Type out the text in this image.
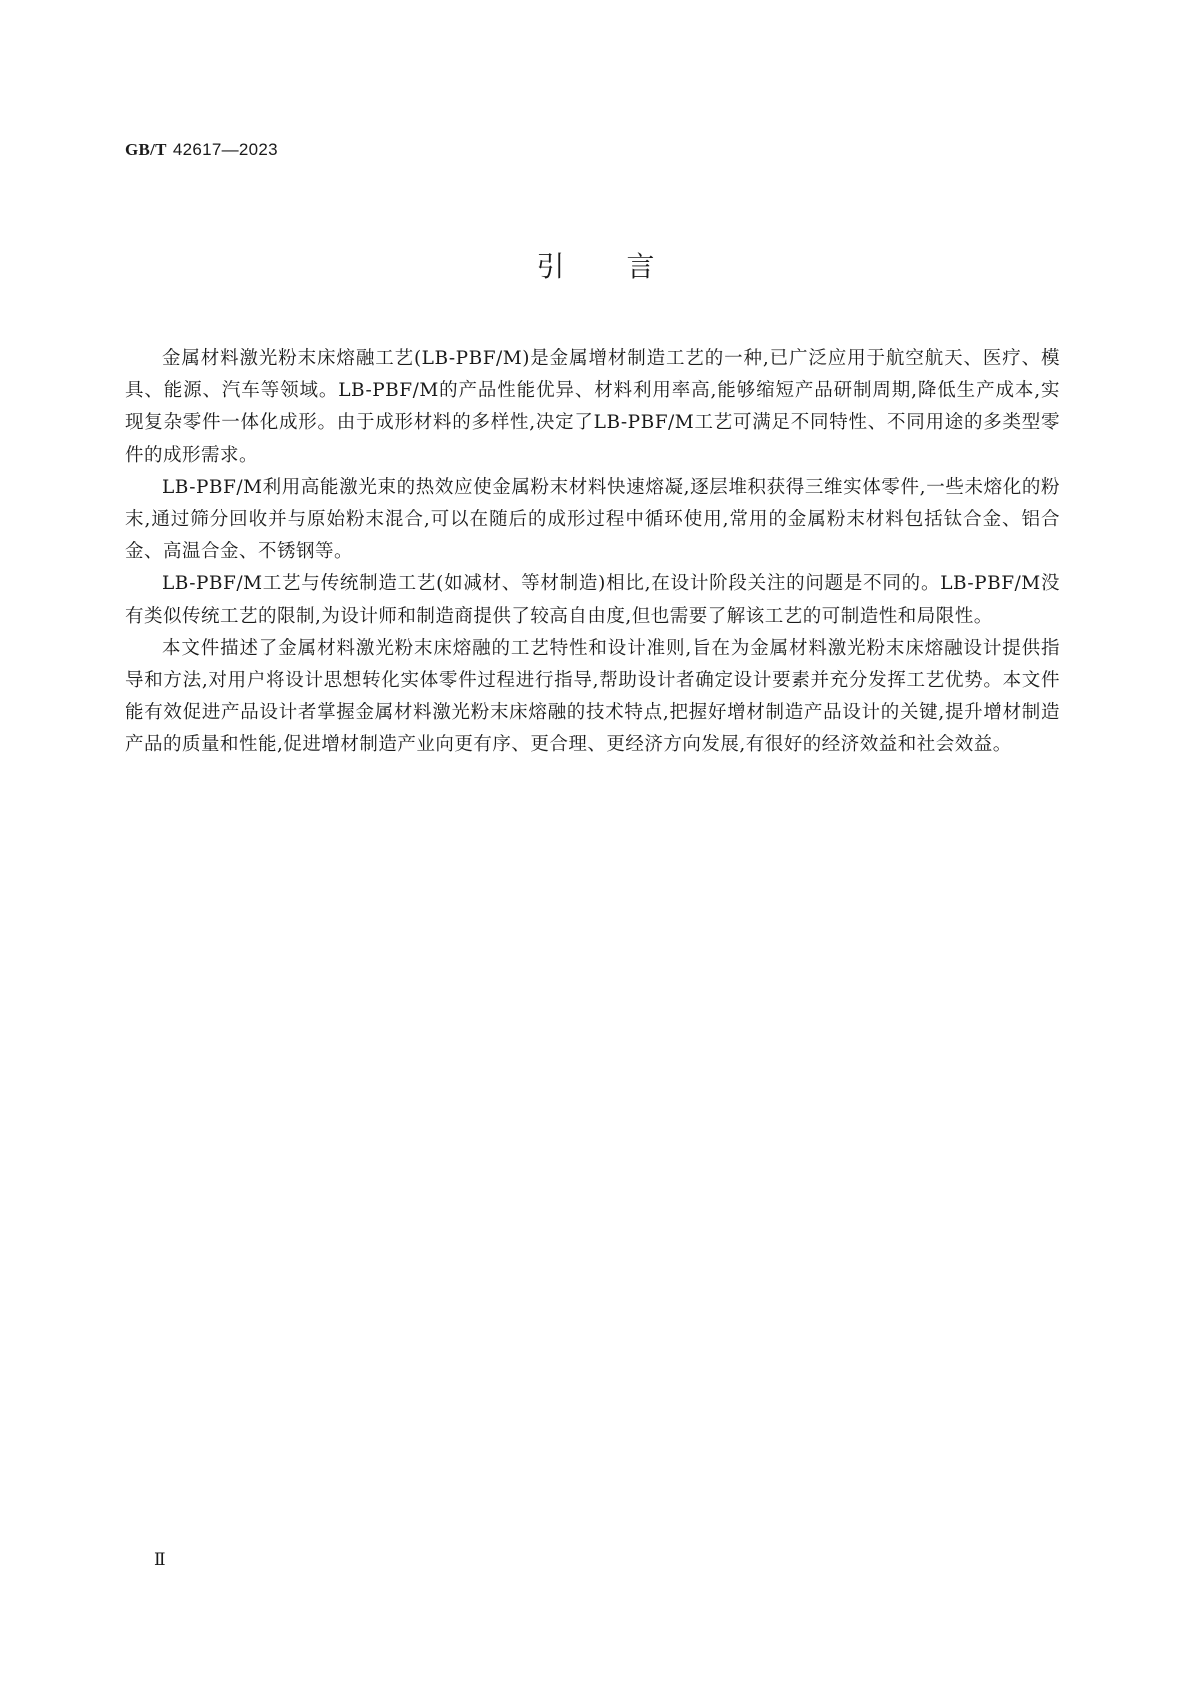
GB/T 42617—2023
引言

金属材料激光粉末床熔融工艺(LB-PBF/M)是金属增材制造工艺的一种,已广泛应用于航空航天、医疗、模具、能源、汽车等领域。LB-PBF/M的产品性能优异、材料利用率高,能够缩短产品研制周期,降低生产成本,实现复杂零件一体化成形。由于成形材料的多样性,决定了LB-PBF/M工艺可满足不同特性、不同用途的多类型零件的成形需求。

LB-PBF/M利用高能激光束的热效应使金属粉末材料快速熔凝,逐层堆积获得三维实体零件,一些未熔化的粉末,通过筛分回收并与原始粉末混合,可以在随后的成形过程中循环使用,常用的金属粉末材料包括钛合金、铝合金、高温合金、不锈钢等。

LB-PBF/M工艺与传统制造工艺(如减材、等材制造)相比,在设计阶段关注的问题是不同的。LB-PBF/M没有类似传统工艺的限制,为设计师和制造商提供了较高自由度,但也需要了解该工艺的可制造性和局限性。

本文件描述了金属材料激光粉末床熔融的工艺特性和设计准则,旨在为金属材料激光粉末床熔融设计提供指导和方法,对用户将设计思想转化实体零件过程进行指导,帮助设计者确定设计要素并充分发挥工艺优势。本文件能有效促进产品设计者掌握金属材料激光粉末床熔融的技术特点,把握好增材制造产品设计的关键,提升增材制造产品的质量和性能,促进增材制造产业向更有序、更合理、更经济方向发展,有很好的经济效益和社会效益。

Ⅱ
